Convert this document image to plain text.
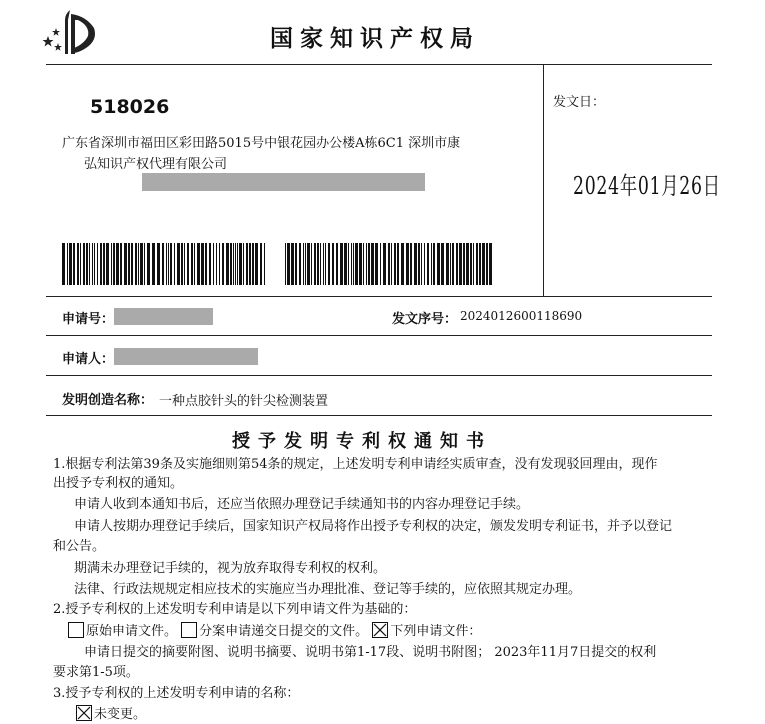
国家知识产权局
518026
广东省深圳市福田区彩田路5015号中银花园办公楼A栋6C1 深圳市康
弘知识产权代理有限公司
发文日：
2024年01月26日
申请号：	发文序号： 2024012600118690
申请人：
发明创造名称： 一种点胶针头的针尖检测装置
授予发明专利权通知书
1.根据专利法第39条及实施细则第54条的规定，上述发明专利申请经实质审查，没有发现驳回理由，现作
出授予专利权的通知。
申请人收到本通知书后，还应当依照办理登记手续通知书的内容办理登记手续。
申请人按期办理登记手续后，国家知识产权局将作出授予专利权的决定，颁发发明专利证书，并予以登记
和公告。
期满未办理登记手续的，视为放弃取得专利权的权利。
法律、行政法规规定相应技术的实施应当办理批准、登记等手续的，应依照其规定办理。
2.授予专利权的上述发明专利申请是以下列申请文件为基础的：
原始申请文件。 分案申请递交日提交的文件。 下列申请文件：
申请日提交的摘要附图、说明书摘要、说明书第1-17段、说明书附图； 2023年11月7日提交的权利
要求第1-5项。
3.授予专利权的上述发明专利申请的名称：
未变更。
